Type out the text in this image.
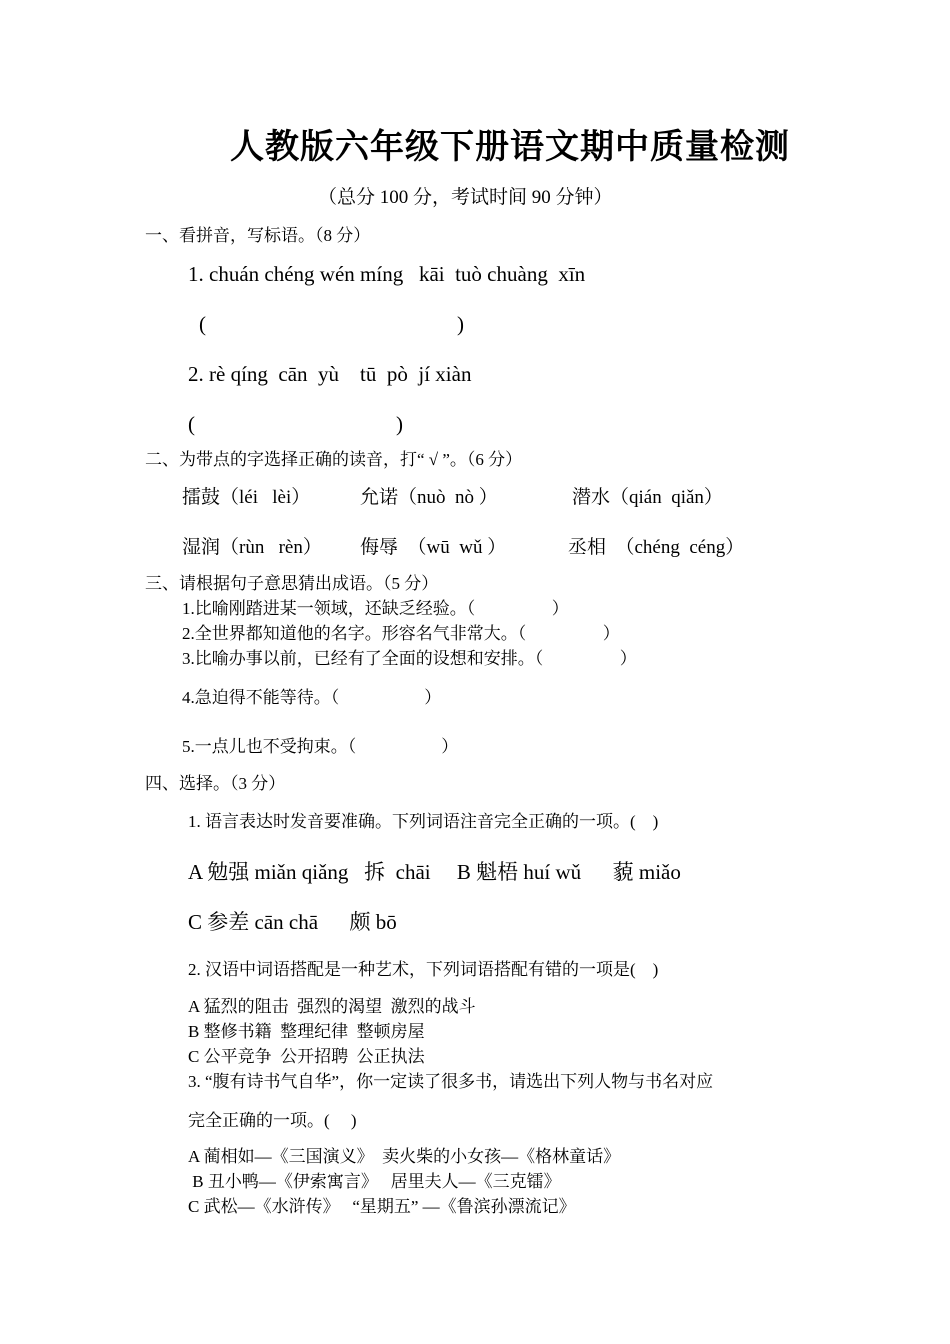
人教版六年级下册语文期中质量检测
（总分 100 分，考试时间 90 分钟）
一、看拼音，写标语。（8 分）
1. chuán chéng wén míng   kāi  tuò chuàng  xīn
(	)
2. rè qíng  cān  yù    tū  pò  jí xiàn
(	)
二、为带点的字选择正确的读音，打“ √ ”。（6 分）
擂鼓（léi   lèi）	允诺（nuò  nò ）	潜水（qián  qiǎn）
湿润（rùn   rèn） 侮辱  （wū  wǔ ）	丞相  （chéng  céng）
三、请根据句子意思猜出成语。（5 分）
1.比喻刚踏进某一领域，还缺乏经验。（                  ）
2.全世界都知道他的名字。形容名气非常大。（                  ）
3.比喻办事以前，已经有了全面的设想和安排。（                  ）
4.急迫得不能等待。（                    ）
5.一点儿也不受拘束。（                    ）
四、选择。（3 分）
1. 语言表达时发音要准确。下列词语注音完全正确的一项。(    )
A 勉强 miǎn qiǎng   拆  chāi     B 魁梧 huí wǔ      藐 miǎo
C 参差 cān chā      颇 bō
2. 汉语中词语搭配是一种艺术，下列词语搭配有错的一项是(    )
A 猛烈的阻击  强烈的渴望  激烈的战斗
B 整修书籍  整理纪律  整顿房屋
C 公平竞争  公开招聘  公正执法
3. “腹有诗书气自华”，你一定读了很多书，请选出下列人物与书名对应
完全正确的一项。(     )
A 蔺相如—《三国演义》  卖火柴的小女孩—《格林童话》
B 丑小鸭—《伊索寓言》   居里夫人—《三克镭》
C 武松—《水浒传》   “星期五” —《鲁滨孙漂流记》
